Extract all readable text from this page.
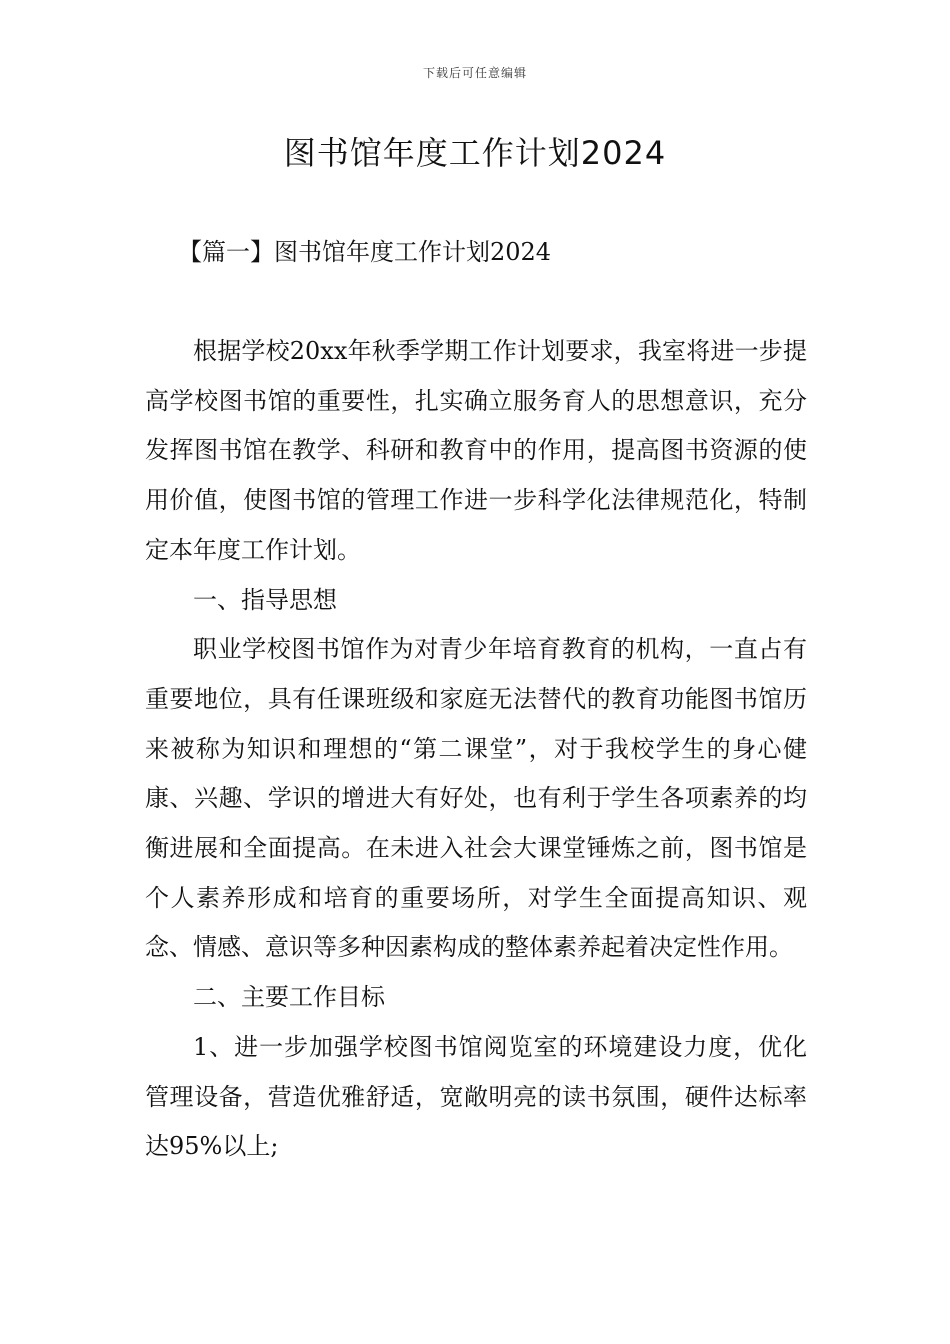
下载后可任意编辑
图书馆年度工作计划2024
【篇一】图书馆年度工作计划2024

根据学校20xx年秋季学期工作计划要求，我室将进一步提高学校图书馆的重要性，扎实确立服务育人的思想意识，充分发挥图书馆在教学、科研和教育中的作用，提高图书资源的使用价值，使图书馆的管理工作进一步科学化法律规范化，特制定本年度工作计划。

一、指导思想

职业学校图书馆作为对青少年培育教育的机构，一直占有重要地位，具有任课班级和家庭无法替代的教育功能图书馆历来被称为知识和理想的“第二课堂”，对于我校学生的身心健康、兴趣、学识的增进大有好处，也有利于学生各项素养的均衡进展和全面提高。在未进入社会大课堂锤炼之前，图书馆是个人素养形成和培育的重要场所，对学生全面提高知识、观念、情感、意识等多种因素构成的整体素养起着决定性作用。

二、主要工作目标

1、进一步加强学校图书馆阅览室的环境建设力度，优化管理设备，营造优雅舒适，宽敞明亮的读书氛围，硬件达标率达95%以上;
